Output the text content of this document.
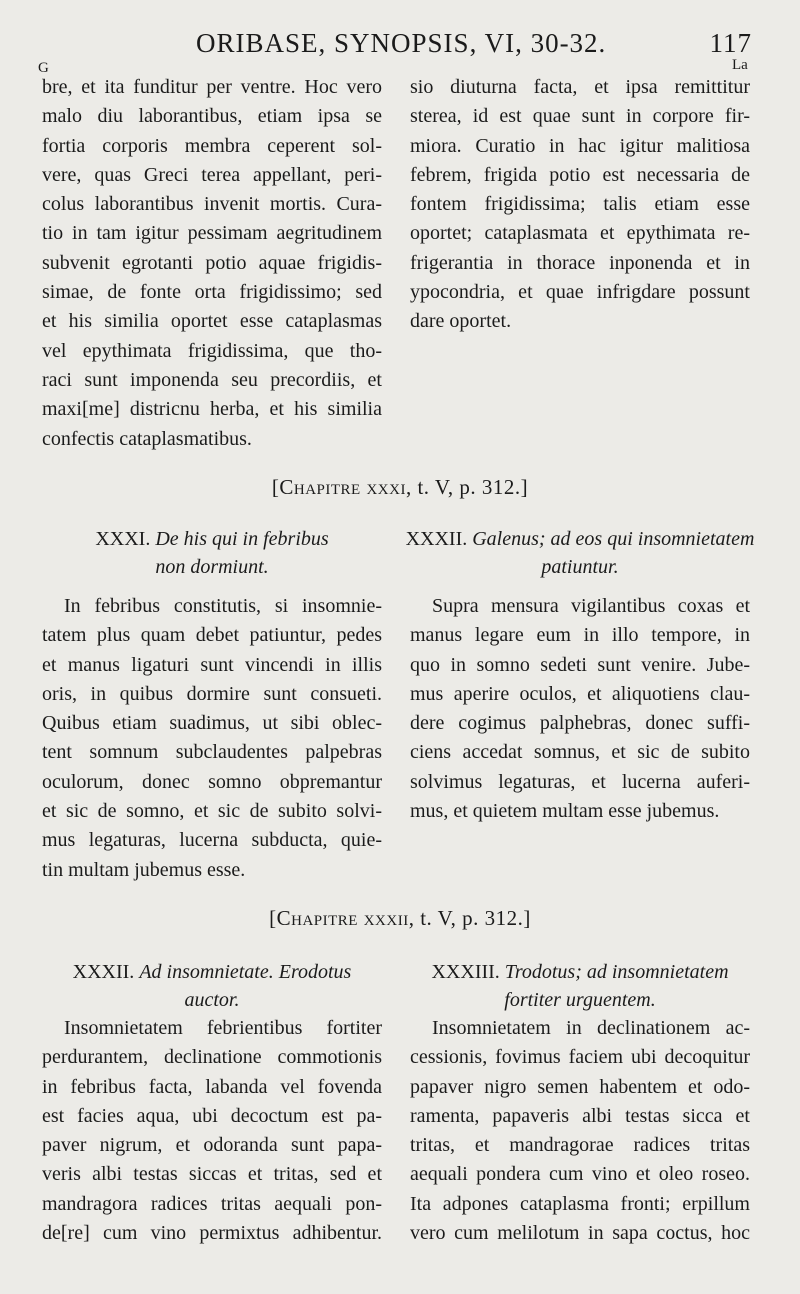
ORIBASE, SYNOPSIS, VI, 30-32.	117
G	La
bre, et ita funditur per ventre. Hoc vero
malo diu laborantibus, etiam ipsa se
fortia corporis membra ceperent sol-
vere, quas Greci terea appellant, peri-
colus laborantibus invenit mortis. Cura-
tio in tam igitur pessimam aegritudinem
subvenit egrotanti potio aquae frigidis-
simae, de fonte orta frigidissimo; sed
et his similia oportet esse cataplasmas
vel epythimata frigidissima, que tho-
raci sunt imponenda seu precordiis, et
maxi[me] districnu herba, et his similia
confectis cataplasmatibus.
sio diuturna facta, et ipsa remittitur
sterea, id est quae sunt in corpore fir-
miora. Curatio in hac igitur malitiosa
febrem, frigida potio est necessaria de
fontem frigidissima; talis etiam esse
oportet; cataplasmata et epythimata re-
frigerantia in thorace inponenda et in
ypocondria, et quae infrigdare possunt
dare oportet.
[Chapitre xxxi, t. V, p. 312.]
XXXI. De his qui in febribus
non dormiunt.
XXXII. Galenus; ad eos qui insomnietatem
patiuntur.
In febribus constitutis, si insomnie-
tatem plus quam debet patiuntur, pedes
et manus ligaturi sunt vincendi in illis
oris, in quibus dormire sunt consueti.
Quibus etiam suadimus, ut sibi oblec-
tent somnum subclaudentes palpebras
oculorum, donec somno obpremantur
et sic de somno, et sic de subito solvi-
mus legaturas, lucerna subducta, quie-
tin multam jubemus esse.
Supra mensura vigilantibus coxas et
manus legare eum in illo tempore, in
quo in somno sedeti sunt venire. Jube-
mus aperire oculos, et aliquotiens clau-
dere cogimus palphebras, donec suffi-
ciens accedat somnus, et sic de subito
solvimus legaturas, et lucerna auferi-
mus, et quietem multam esse jubemus.
[Chapitre xxxii, t. V, p. 312.]
XXXII. Ad insomnietate. Erodotus
auctor.
XXXIII. Trodotus; ad insomnietatem
fortiter urguentem.
Insomnietatem febrientibus fortiter
perdurantem, declinatione commotionis
in febribus facta, labanda vel fovenda
est facies aqua, ubi decoctum est pa-
paver nigrum, et odoranda sunt papa-
veris albi testas siccas et tritas, sed et
mandragora radices tritas aequali pon-
de[re] cum vino permixtus adhibentur.
Insomnietatem in declinationem ac-
cessionis, fovimus faciem ubi decoquitur
papaver nigro semen habentem et odo-
ramenta, papaveris albi testas sicca et
tritas, et mandragorae radices tritas
aequali pondera cum vino et oleo roseo.
Ita adpones cataplasma fronti; erpillum
vero cum melilotum in sapa coctus, hoc
